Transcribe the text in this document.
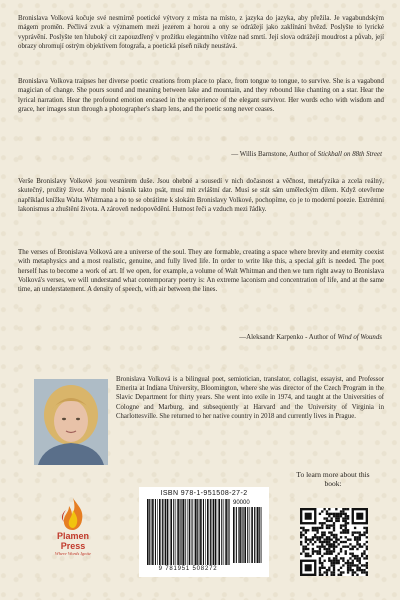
Bronislava Volková kočuje své nesmírně poetické výtvory z místa na místo, z jazyka do jazyka, aby přežila. Je vagabundským mágem proměn. Pečlivá zvuk a významem mezi jezerem a horou a ony se odrážejí jako zaklínání hvězd. Poslyšte to lyrické vyprávění. Poslyšte ten hluboký cit zapouzdřený v prožitku elegantního vítěze nad smrtí. Její slova odrážejí moudrost a půvab, její obrazy ohromují ostrým objektivem fotografa, a poetická píseň nikdy neustává.

Bronislava Volkova traipses her diverse poetic creations from place to place, from tongue to tongue, to survive. She is a vagabond magician of change. She pours sound and meaning between lake and mountain, and they rebound like chanting on a star. Hear the lyrical narration. Hear the profound emotion encased in the experience of the elegant survivor. Her words echo with wisdom and grace, her images stun through a photographer's sharp lens, and the poetic song never ceases.

— Willis Barnstone, Author of Stickball on 88th Street

Verše Bronislavy Volkové jsou vesmírem duše. Jsou ohebné a sousedí v nich dočasnost a věčnost, metafyzika a zcela reálný, skutečný, prožitý život. Aby mohl básník takto psát, musí mít zvláštní dar. Musí se stát sám uměleckým dílem. Když otevřeme například knížku Walta Whitmana a no to se obrátíme k slokám Bronislavy Volkové, pochopíme, co je to moderní poezie. Extrémní lakonismus a zhuštění života. A zároveň nedopovědění. Hutnost řeči a vzduch mezi řádky.

The verses of Bronislava Volková are a universe of the soul. They are formable, creating a space where brevity and eternity coexist with metaphysics and a most realistic, genuine, and fully lived life. In order to write like this, a special gift is needed. The poet herself has to become a work of art. If we open, for example, a volume of Walt Whitman and then we turn right away to Bronislava Volková's verses, we will understand what contemporary poetry is: An extreme laconism and concentration of life, and at the same time, an understatement. A density of speech, with air between the lines.

—Aleksandr Karpenko - Author of Wind of Wounds

Bronislava Volková is a bilingual poet, semiotician, translator, collagist, essayist, and Professor Emerita at Indiana University, Bloomington, where she was director of the Czech Program in the Slavic Department for thirty years. She went into exile in 1974, and taught at the Universities of Cologne and Marburg, and subsequently at Harvard and the University of Virginia in Charlottesville. She returned to her native country in 2018 and currently lives in Prague.

Plamen
Press
Where Words Ignite
ISBN 978-1-951508-27-2
90000
9 781951 508272

To learn more about this book:
